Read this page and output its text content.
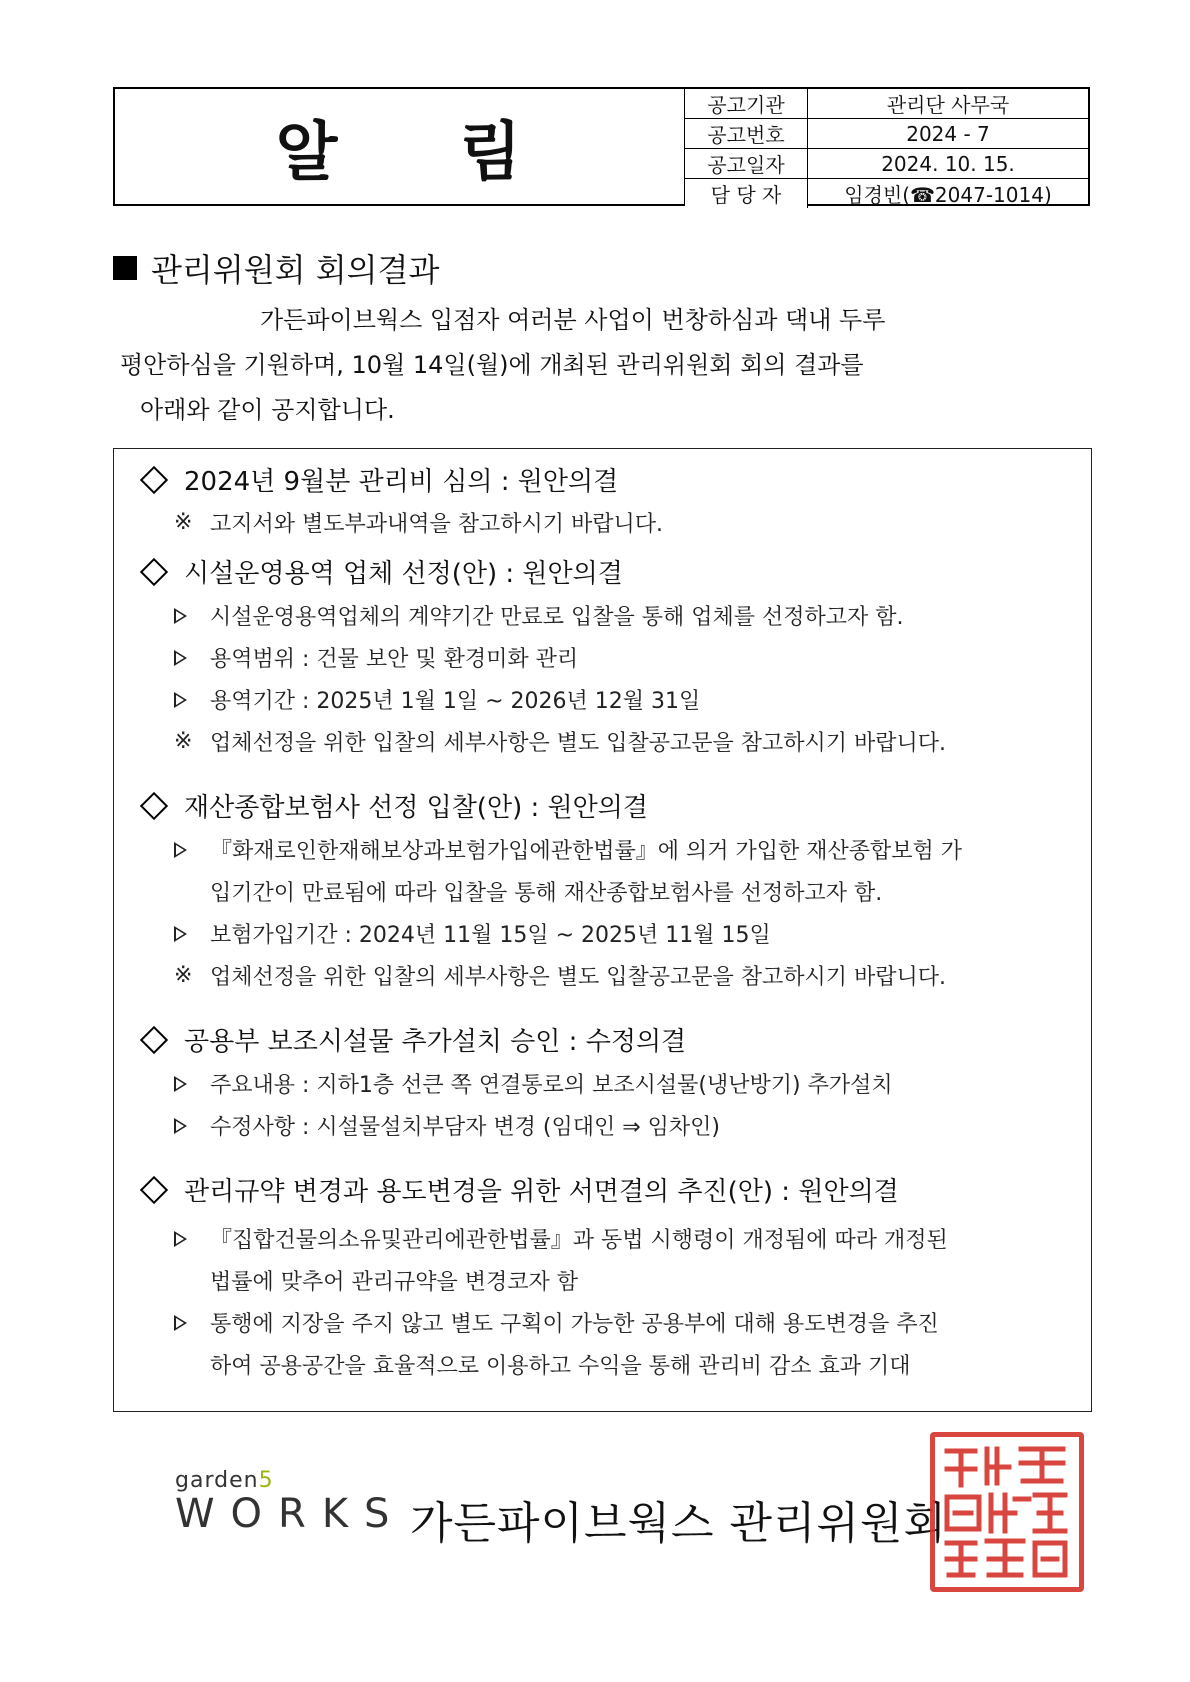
알 림
공고기관	관리단 사무국
공고번호	2024 - 7
공고일자	2024. 10. 15.
담 당 자	임경빈(☎2047-1014)
관리위원회 회의결과
가든파이브웍스 입점자 여러분 사업이 번창하심과 댁내 두루
평안하심을 기원하며, 10월 14일(월)에 개최된 관리위원회 회의 결과를
아래와 같이 공지합니다.
2024년 9월분 관리비 심의 : 원안의결
※ 고지서와 별도부과내역을 참고하시기 바랍니다.
시설운영용역 업체 선정(안) : 원안의결
시설운영용역업체의 계약기간 만료로 입찰을 통해 업체를 선정하고자 함.
용역범위 : 건물 보안 및 환경미화 관리
용역기간 : 2025년 1월 1일 ~ 2026년 12월 31일
※ 업체선정을 위한 입찰의 세부사항은 별도 입찰공고문을 참고하시기 바랍니다.
재산종합보험사 선정 입찰(안) : 원안의결
『화재로인한재해보상과보험가입에관한법률』에 의거 가입한 재산종합보험 가
입기간이 만료됨에 따라 입찰을 통해 재산종합보험사를 선정하고자 함.
보험가입기간 : 2024년 11월 15일 ~ 2025년 11월 15일
※ 업체선정을 위한 입찰의 세부사항은 별도 입찰공고문을 참고하시기 바랍니다.
공용부 보조시설물 추가설치 승인 : 수정의결
주요내용 : 지하1층 선큰 쪽 연결통로의 보조시설물(냉난방기) 추가설치
수정사항 : 시설물설치부담자 변경 (임대인 ⇒ 임차인)
관리규약 변경과 용도변경을 위한 서면결의 추진(안) : 원안의결
『집합건물의소유및관리에관한법률』과 동법 시행령이 개정됨에 따라 개정된
법률에 맞추어 관리규약을 변경코자 함
통행에 지장을 주지 않고 별도 구획이 가능한 공용부에 대해 용도변경을 추진
하여 공용공간을 효율적으로 이용하고 수익을 통해 관리비 감소 효과 기대
garden5
WORKS 가든파이브웍스 관리위원회
